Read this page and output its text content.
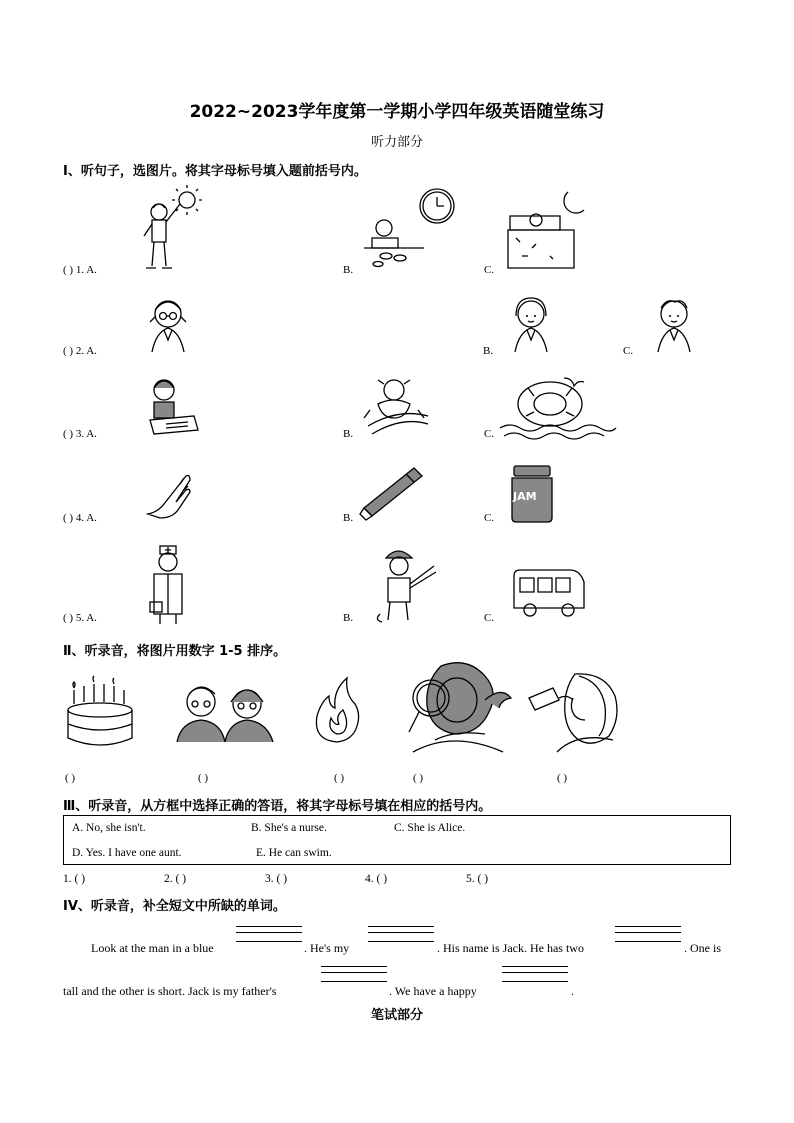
2022~2023学年度第一学期小学四年级英语随堂练习
听力部分
I、听句子，选图片。将其字母标号填入题前括号内。
( ) 1. A.	B.	C.
( ) 2. A.	B.	C.
( ) 3. A.	B.	C.
( ) 4. A.	B.	C.
JAM
( ) 5. A.	B.	C.
Ⅱ、听录音，将图片用数字 1-5 排序。
( )	( )	( )	( )	( )
Ⅲ、听录音，从方框中选择正确的答语，将其字母标号填在相应的括号内。
A. No, she isn't.	B. She's a nurse.	C. She is Alice.
D. Yes. I have one aunt.	E. He can swim.
1. ( )	2. ( )	3. ( )	4. ( )	5. ( )
IV、听录音，补全短文中所缺的单词。
Look at the man in a blue	. He's my	. His name is Jack. He has two	. One is
tall and the other is short. Jack is my father's	. We have a happy	.
笔试部分
